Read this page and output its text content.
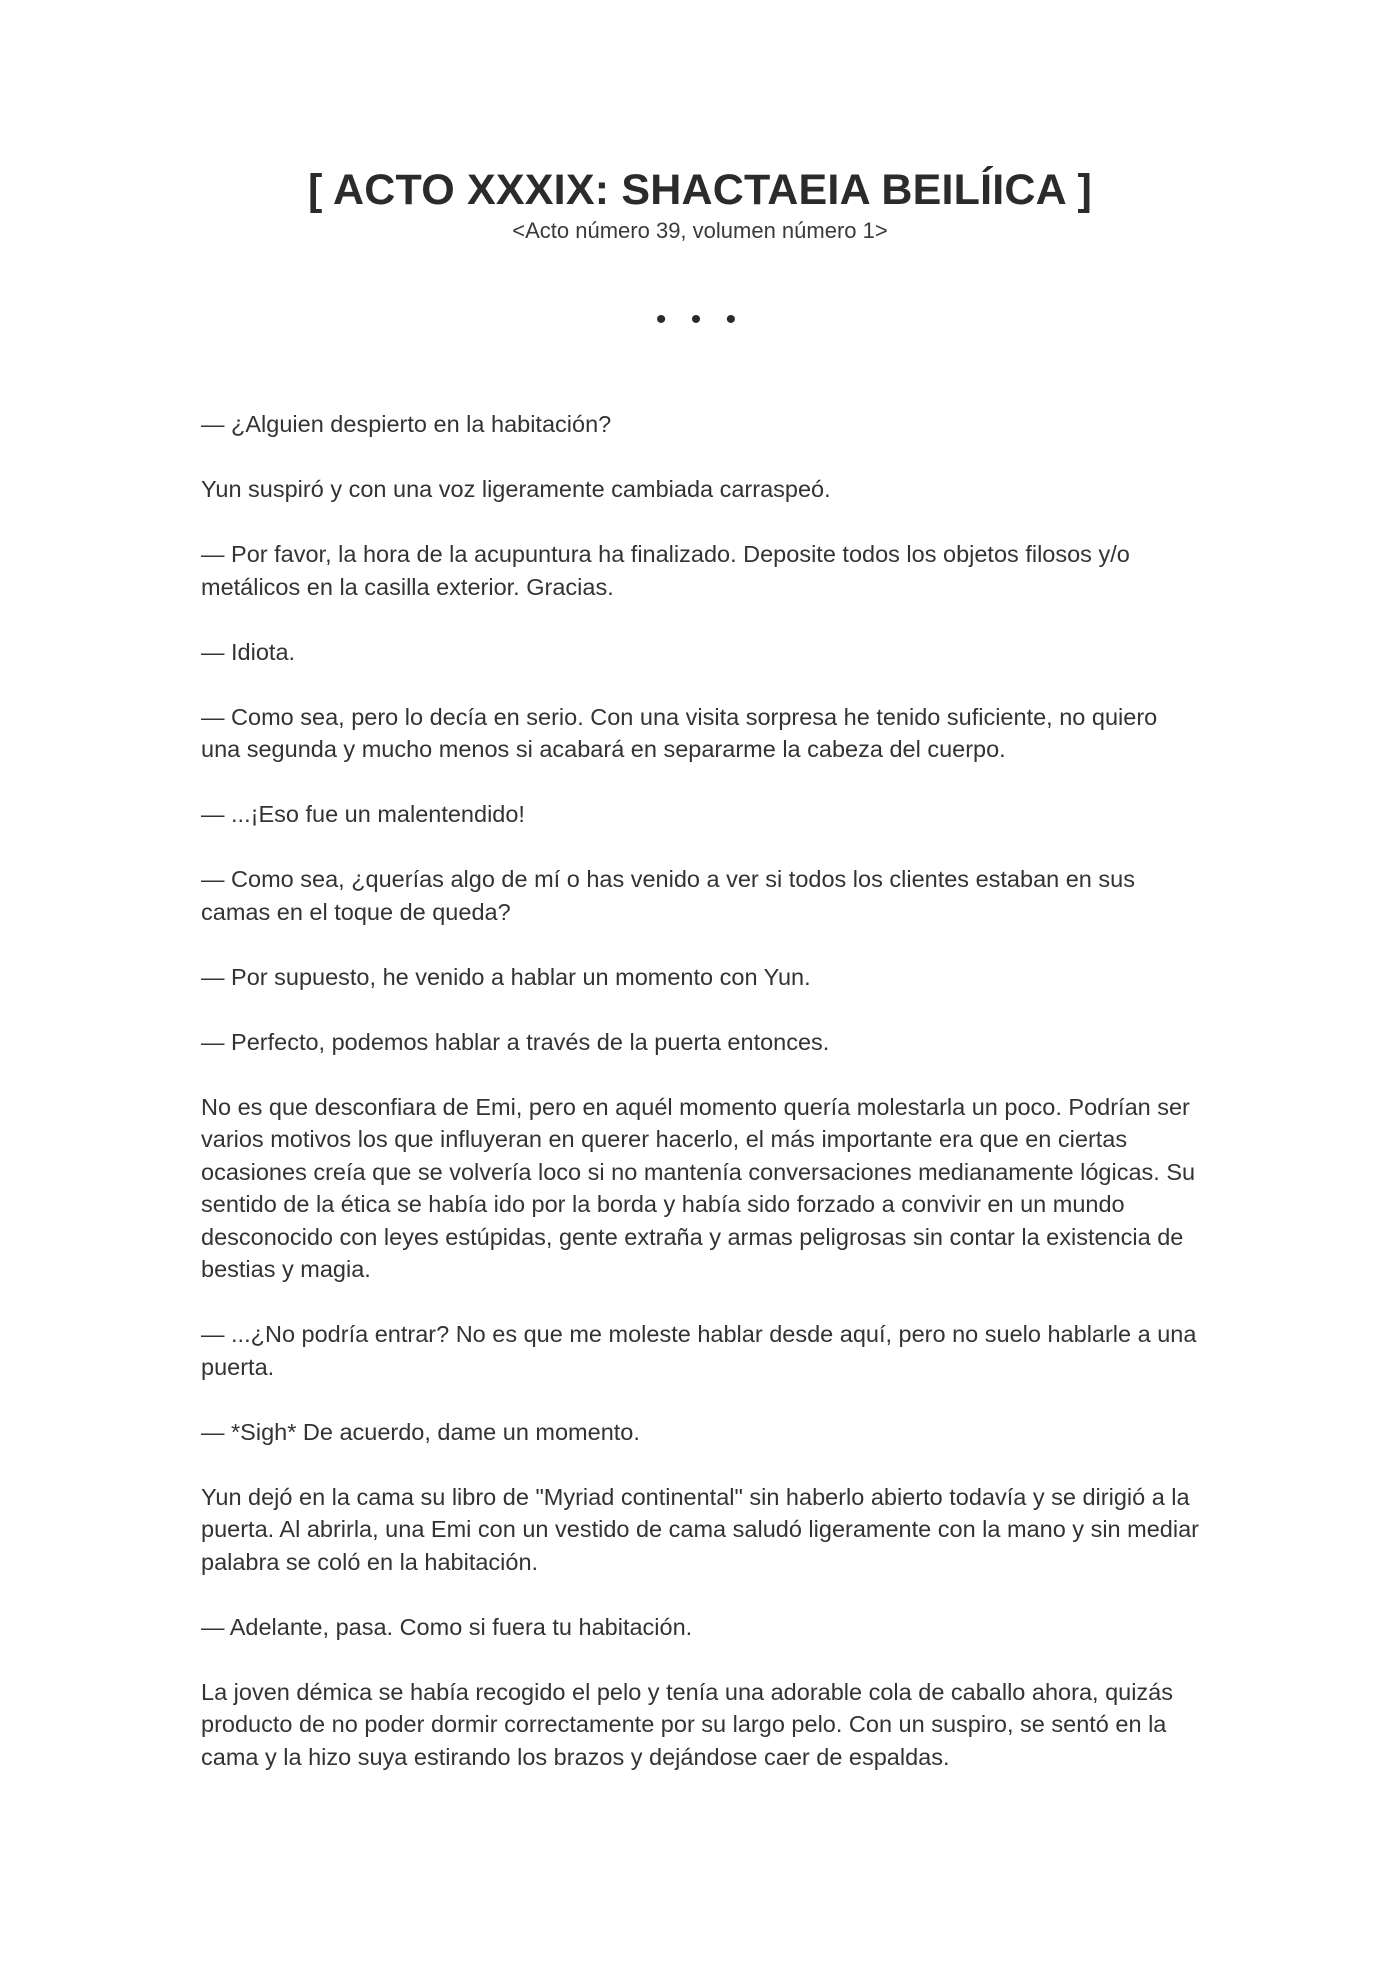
[ ACTO XXXIX: SHACTAEIA BEILÍICA ]
<Acto número 39, volumen número 1>
• • •

— ¿Alguien despierto en la habitación?

Yun suspiró y con una voz ligeramente cambiada carraspeó.

— Por favor, la hora de la acupuntura ha finalizado. Deposite todos los objetos filosos y/o metálicos en la casilla exterior. Gracias.

— Idiota.

— Como sea, pero lo decía en serio. Con una visita sorpresa he tenido suficiente, no quiero una segunda y mucho menos si acabará en separarme la cabeza del cuerpo.

— ...¡Eso fue un malentendido!

— Como sea, ¿querías algo de mí o has venido a ver si todos los clientes estaban en sus camas en el toque de queda?

— Por supuesto, he venido a hablar un momento con Yun.

— Perfecto, podemos hablar a través de la puerta entonces.

No es que desconfiara de Emi, pero en aquél momento quería molestarla un poco. Podrían ser varios motivos los que influyeran en querer hacerlo, el más importante era que en ciertas ocasiones creía que se volvería loco si no mantenía conversaciones medianamente lógicas. Su sentido de la ética se había ido por la borda y había sido forzado a convivir en un mundo desconocido con leyes estúpidas, gente extraña y armas peligrosas sin contar la existencia de bestias y magia.

— ...¿No podría entrar? No es que me moleste hablar desde aquí, pero no suelo hablarle a una puerta.

— *Sigh* De acuerdo, dame un momento.

Yun dejó en la cama su libro de "Myriad continental" sin haberlo abierto todavía y se dirigió a la puerta. Al abrirla, una Emi con un vestido de cama saludó ligeramente con la mano y sin mediar palabra se coló en la habitación.

— Adelante, pasa. Como si fuera tu habitación.

La joven démica se había recogido el pelo y tenía una adorable cola de caballo ahora, quizás producto de no poder dormir correctamente por su largo pelo. Con un suspiro, se sentó en la cama y la hizo suya estirando los brazos y dejándose caer de espaldas.
